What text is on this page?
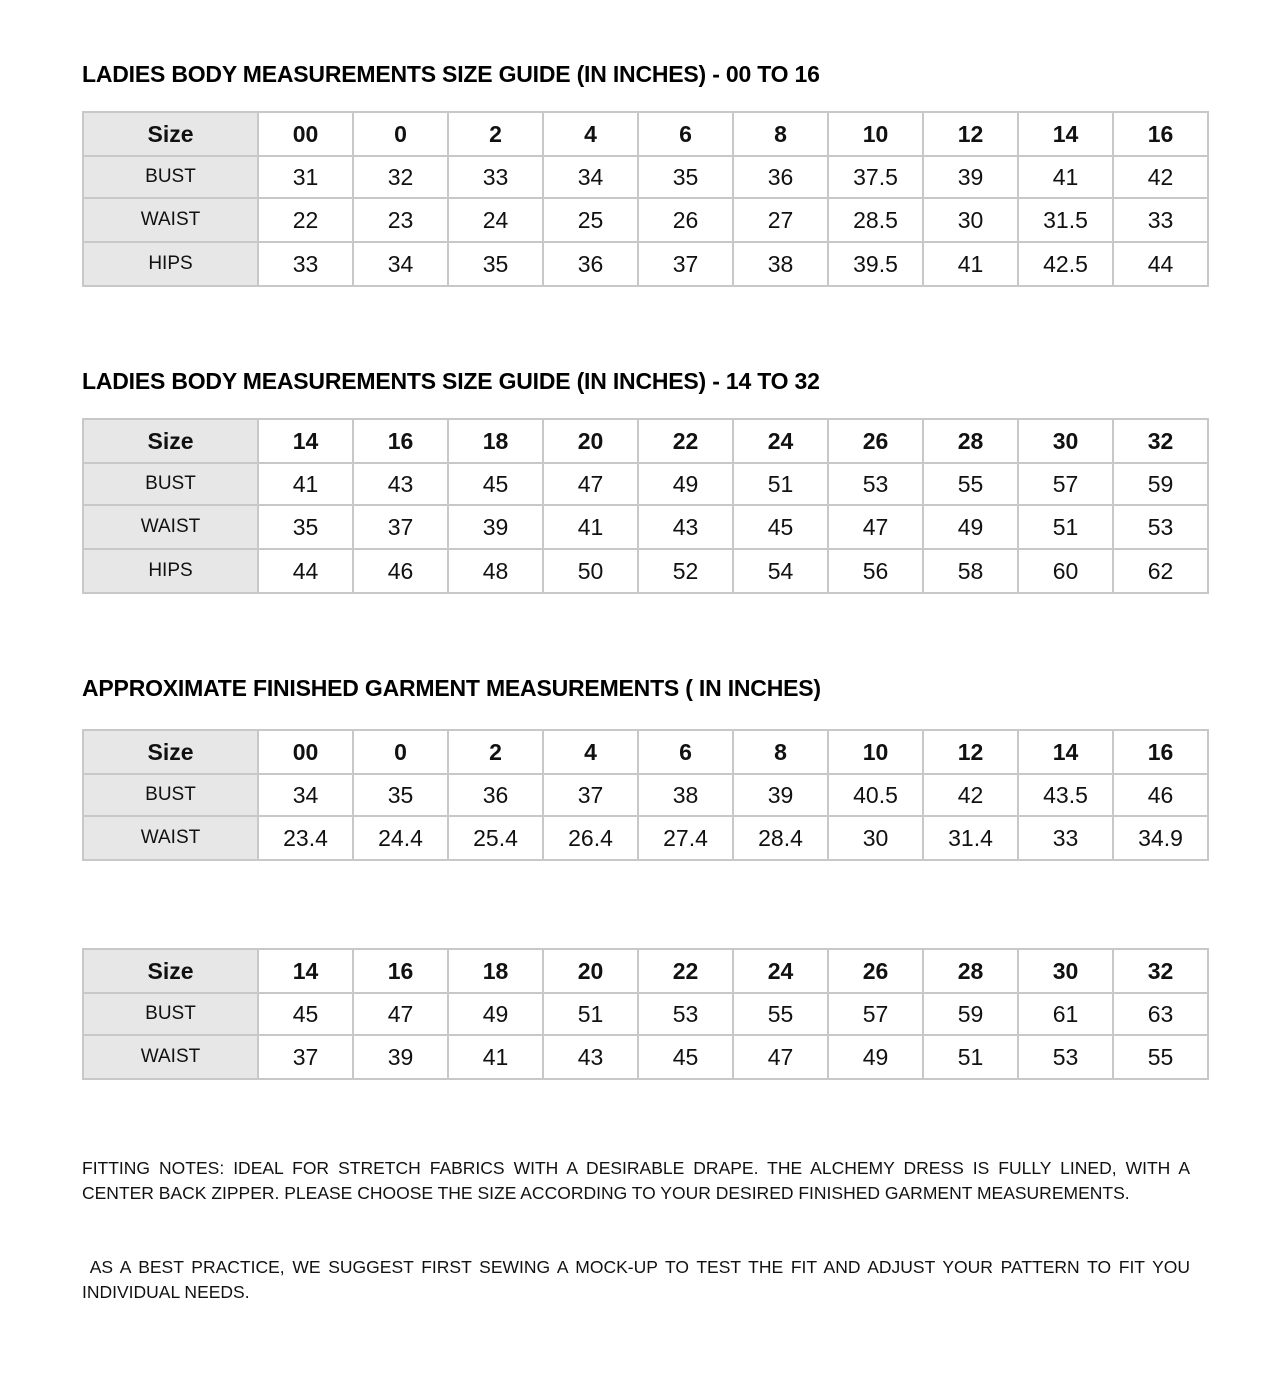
LADIES BODY MEASUREMENTS SIZE GUIDE (IN INCHES) - 00 TO 16
Size	00	0	2	4	6	8	10	12	14	16
BUST	31	32	33	34	35	36	37.5	39	41	42
WAIST	22	23	24	25	26	27	28.5	30	31.5	33
HIPS	33	34	35	36	37	38	39.5	41	42.5	44
LADIES BODY MEASUREMENTS SIZE GUIDE (IN INCHES) - 14 TO 32
Size	14	16	18	20	22	24	26	28	30	32
BUST	41	43	45	47	49	51	53	55	57	59
WAIST	35	37	39	41	43	45	47	49	51	53
HIPS	44	46	48	50	52	54	56	58	60	62
APPROXIMATE FINISHED GARMENT MEASUREMENTS ( IN INCHES)
Size	00	0	2	4	6	8	10	12	14	16
BUST	34	35	36	37	38	39	40.5	42	43.5	46
WAIST	23.4	24.4	25.4	26.4	27.4	28.4	30	31.4	33	34.9
Size	14	16	18	20	22	24	26	28	30	32
BUST	45	47	49	51	53	55	57	59	61	63
WAIST	37	39	41	43	45	47	49	51	53	55

FITTING NOTES: IDEAL FOR STRETCH FABRICS WITH A DESIRABLE DRAPE. THE ALCHEMY DRESS IS FULLY LINED, WITH A CENTER BACK ZIPPER. PLEASE CHOOSE THE SIZE ACCORDING TO YOUR DESIRED FINISHED GARMENT MEASUREMENTS.

AS A BEST PRACTICE, WE SUGGEST FIRST SEWING A MOCK-UP TO TEST THE FIT AND ADJUST YOUR PATTERN TO FIT YOU INDIVIDUAL NEEDS.
